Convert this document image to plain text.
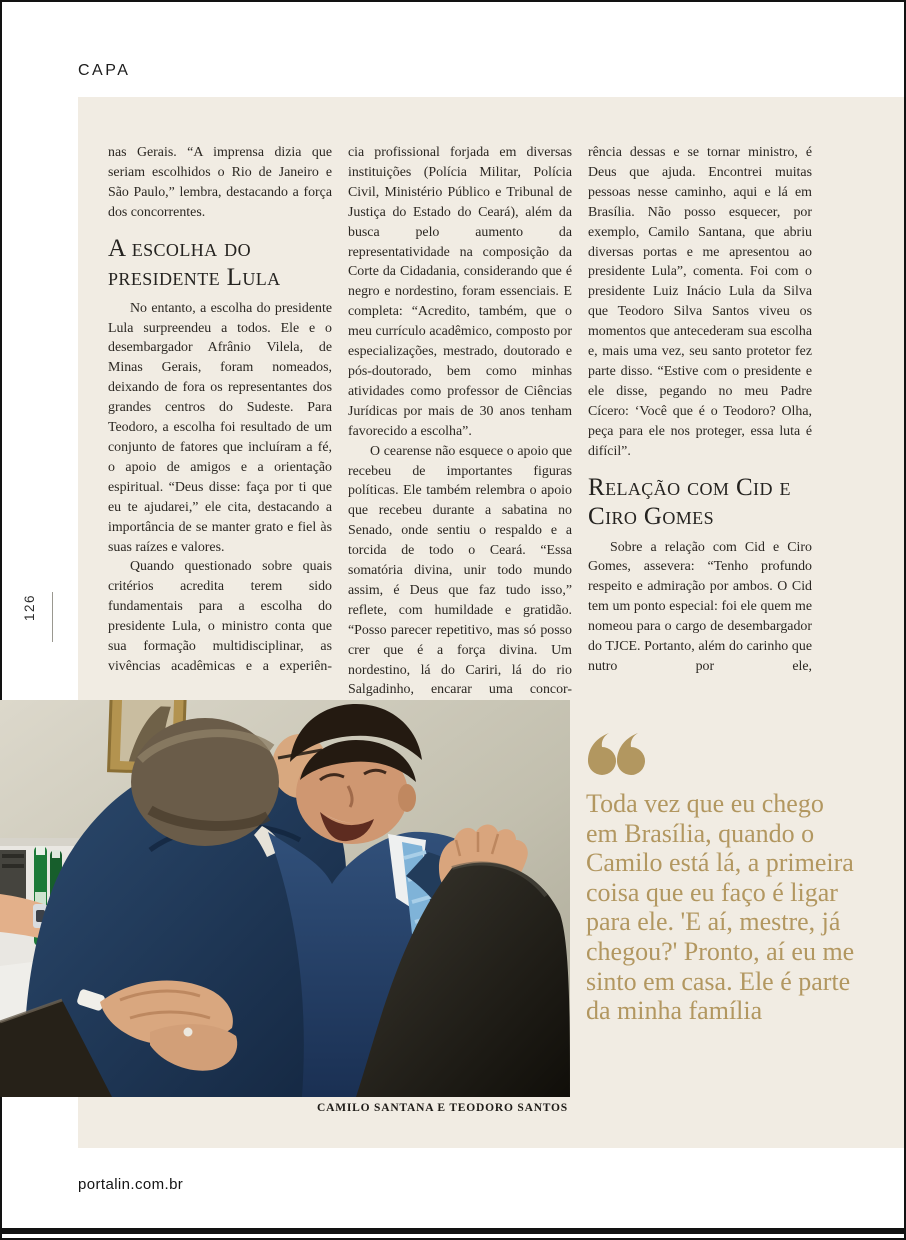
CAPA

nas Gerais. “A imprensa dizia que seriam escolhidos o Rio de Janeiro e São Paulo,” lembra, destacando a força dos concorrentes.

A escolha do presidente Lula

No entanto, a escolha do presidente Lula surpreendeu a todos. Ele e o desembargador Afrânio Vilela, de Minas Gerais, foram nomeados, deixando de fora os representantes dos grandes centros do Sudeste. Para Teodoro, a escolha foi resultado de um conjunto de fatores que incluíram a fé, o apoio de amigos e a orientação espiritual. “Deus disse: faça por ti que eu te ajudarei,” ele cita, destacando a importância de se manter grato e fiel às suas raízes e valores.

Quando questionado sobre quais critérios acredita terem sido fundamentais para a escolha do presidente Lula, o ministro conta que sua formação multidisciplinar, as vivências acadêmicas e a experiên-

cia profissional forjada em diversas instituições (Polícia Militar, Polícia Civil, Ministério Público e Tribunal de Justiça do Estado do Ceará), além da busca pelo aumento da representatividade na composição da Corte da Cidadania, considerando que é negro e nordestino, foram essenciais. E completa: “Acredito, também, que o meu currículo acadêmico, composto por especializações, mestrado, doutorado e pós-doutorado, bem como minhas atividades como professor de Ciências Jurídicas por mais de 30 anos tenham favorecido a escolha”.

O cearense não esquece o apoio que recebeu de importantes figuras políticas. Ele também relembra o apoio que recebeu durante a sabatina no Senado, onde sentiu o respaldo e a torcida de todo o Ceará. “Essa somatória divina, unir todo mundo assim, é Deus que faz tudo isso,” reflete, com humildade e gratidão. “Posso parecer repetitivo, mas só posso crer que é a força divina. Um nordestino, lá do Cariri, lá do rio Salgadinho, encarar uma concor-

rência dessas e se tornar ministro, é Deus que ajuda. Encontrei muitas pessoas nesse caminho, aqui e lá em Brasília. Não posso esquecer, por exemplo, Camilo Santana, que abriu diversas portas e me apresentou ao presidente Lula”, comenta. Foi com o presidente Luiz Inácio Lula da Silva que Teodoro Silva Santos viveu os momentos que antecederam sua escolha e, mais uma vez, seu santo protetor fez parte disso. “Estive com o presidente e ele disse, pegando no meu Padre Cícero: ‘Você que é o Teodoro? Olha, peça para ele nos proteger, essa luta é difícil”.

Relação com Cid e Ciro Gomes

Sobre a relação com Cid e Ciro Gomes, assevera: “Tenho profundo respeito e admiração por ambos. O Cid tem um ponto especial: foi ele quem me nomeou para o cargo de desembargador do TJCE. Portanto, além do carinho que nutro por ele,

Toda vez que eu chego em Brasília, quando o Camilo está lá, a primeira coisa que eu faço é ligar para ele. 'E aí, mestre, já chegou?' Pronto, aí eu me sinto em casa. Ele é parte da minha família
CAMILO SANTANA E TEODORO SANTOS
126
portalin.com.br
